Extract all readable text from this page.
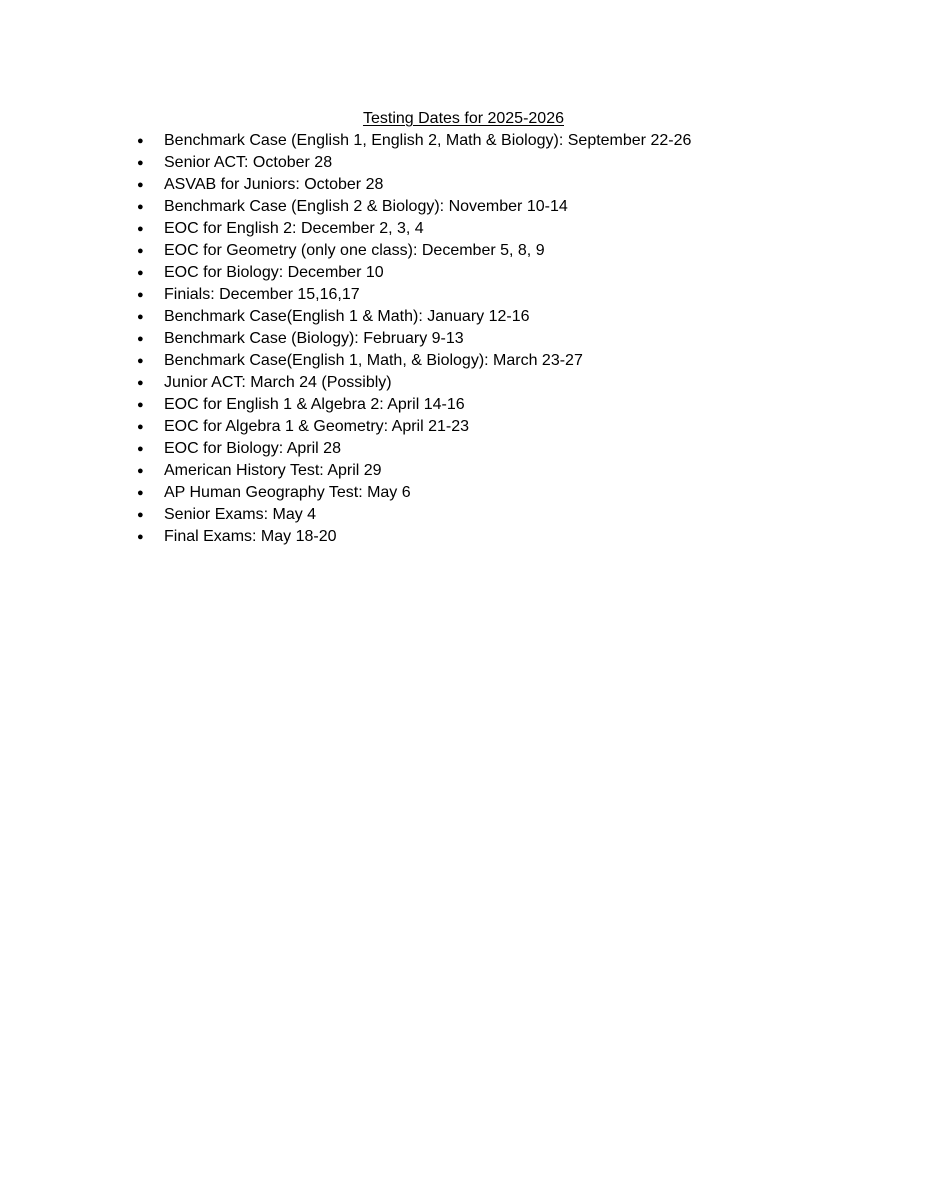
Testing Dates for 2025-2026
● Benchmark Case (English 1, English 2, Math & Biology): September 22-26
● Senior ACT: October 28
● ASVAB for Juniors: October 28
● Benchmark Case (English 2 & Biology): November 10-14
● EOC for English 2: December 2, 3, 4
● EOC for Geometry (only one class): December 5, 8, 9
● EOC for Biology: December 10
● Finials: December 15,16,17
● Benchmark Case(English 1 & Math): January 12-16
● Benchmark Case (Biology): February 9-13
● Benchmark Case(English 1, Math, & Biology): March 23-27
● Junior ACT: March 24 (Possibly)
● EOC for English 1 & Algebra 2: April 14-16
● EOC for Algebra 1 & Geometry: April 21-23
● EOC for Biology: April 28
● American History Test: April 29
● AP Human Geography Test: May 6
● Senior Exams: May 4
● Final Exams: May 18-20
